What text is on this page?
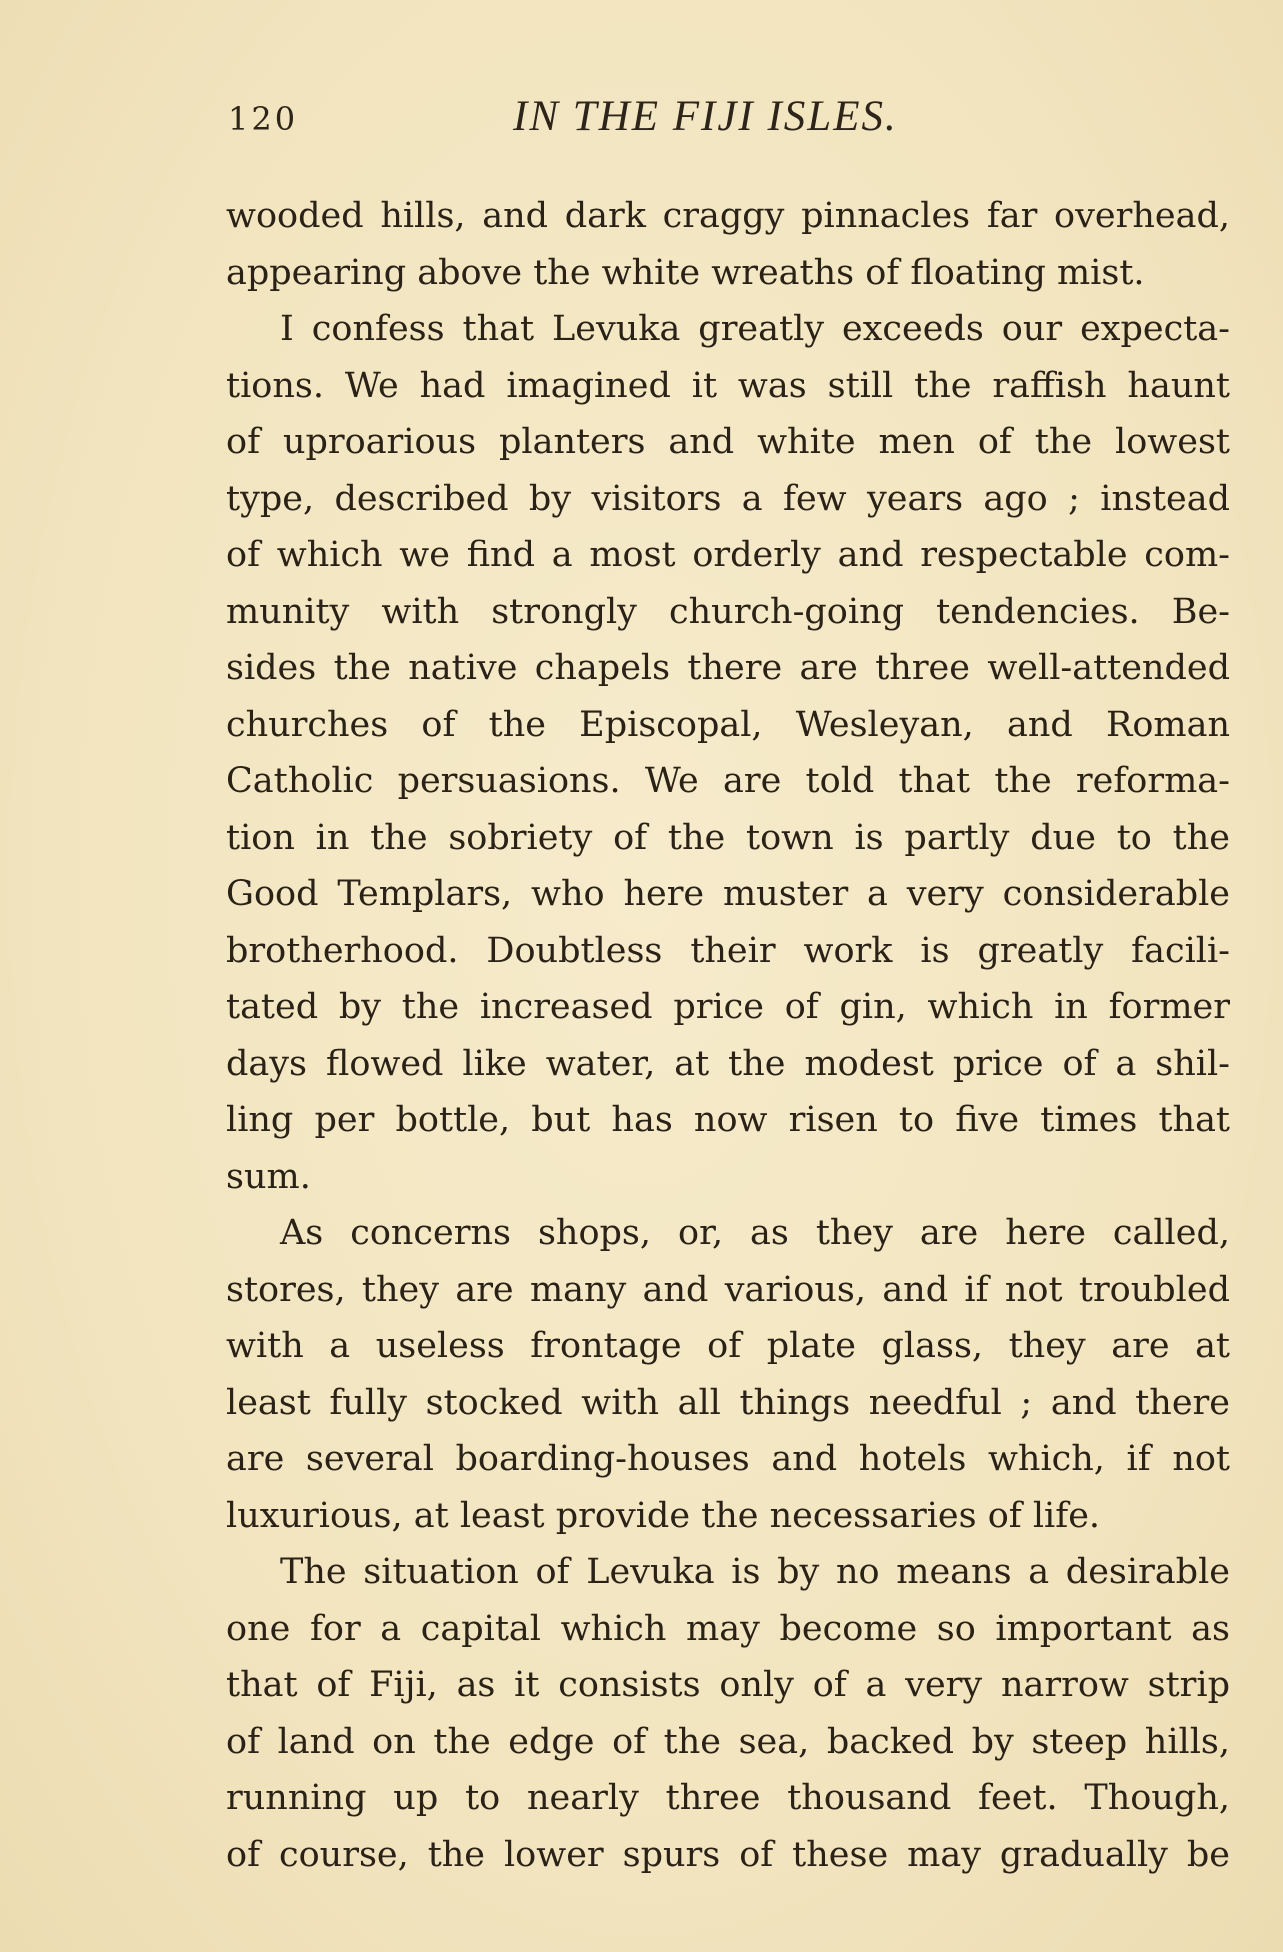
120	IN THE FIJI ISLES.
wooded hills, and dark craggy pinnacles far overhead,
appearing above the white wreaths of floating mist.
I confess that Levuka greatly exceeds our expecta-
tions. We had imagined it was still the raffish haunt
of uproarious planters and white men of the lowest
type, described by visitors a few years ago ; instead
of which we find a most orderly and respectable com-
munity with strongly church-going tendencies. Be-
sides the native chapels there are three well-attended
churches of the Episcopal, Wesleyan, and Roman
Catholic persuasions. We are told that the reforma-
tion in the sobriety of the town is partly due to the
Good Templars, who here muster a very considerable
brotherhood. Doubtless their work is greatly facili-
tated by the increased price of gin, which in former
days flowed like water, at the modest price of a shil-
ling per bottle, but has now risen to five times that
sum.
As concerns shops, or, as they are here called,
stores, they are many and various, and if not troubled
with a useless frontage of plate glass, they are at
least fully stocked with all things needful ; and there
are several boarding-houses and hotels which, if not
luxurious, at least provide the necessaries of life.
The situation of Levuka is by no means a desirable
one for a capital which may become so important as
that of Fiji, as it consists only of a very narrow strip
of land on the edge of the sea, backed by steep hills,
running up to nearly three thousand feet. Though,
of course, the lower spurs of these may gradually be
